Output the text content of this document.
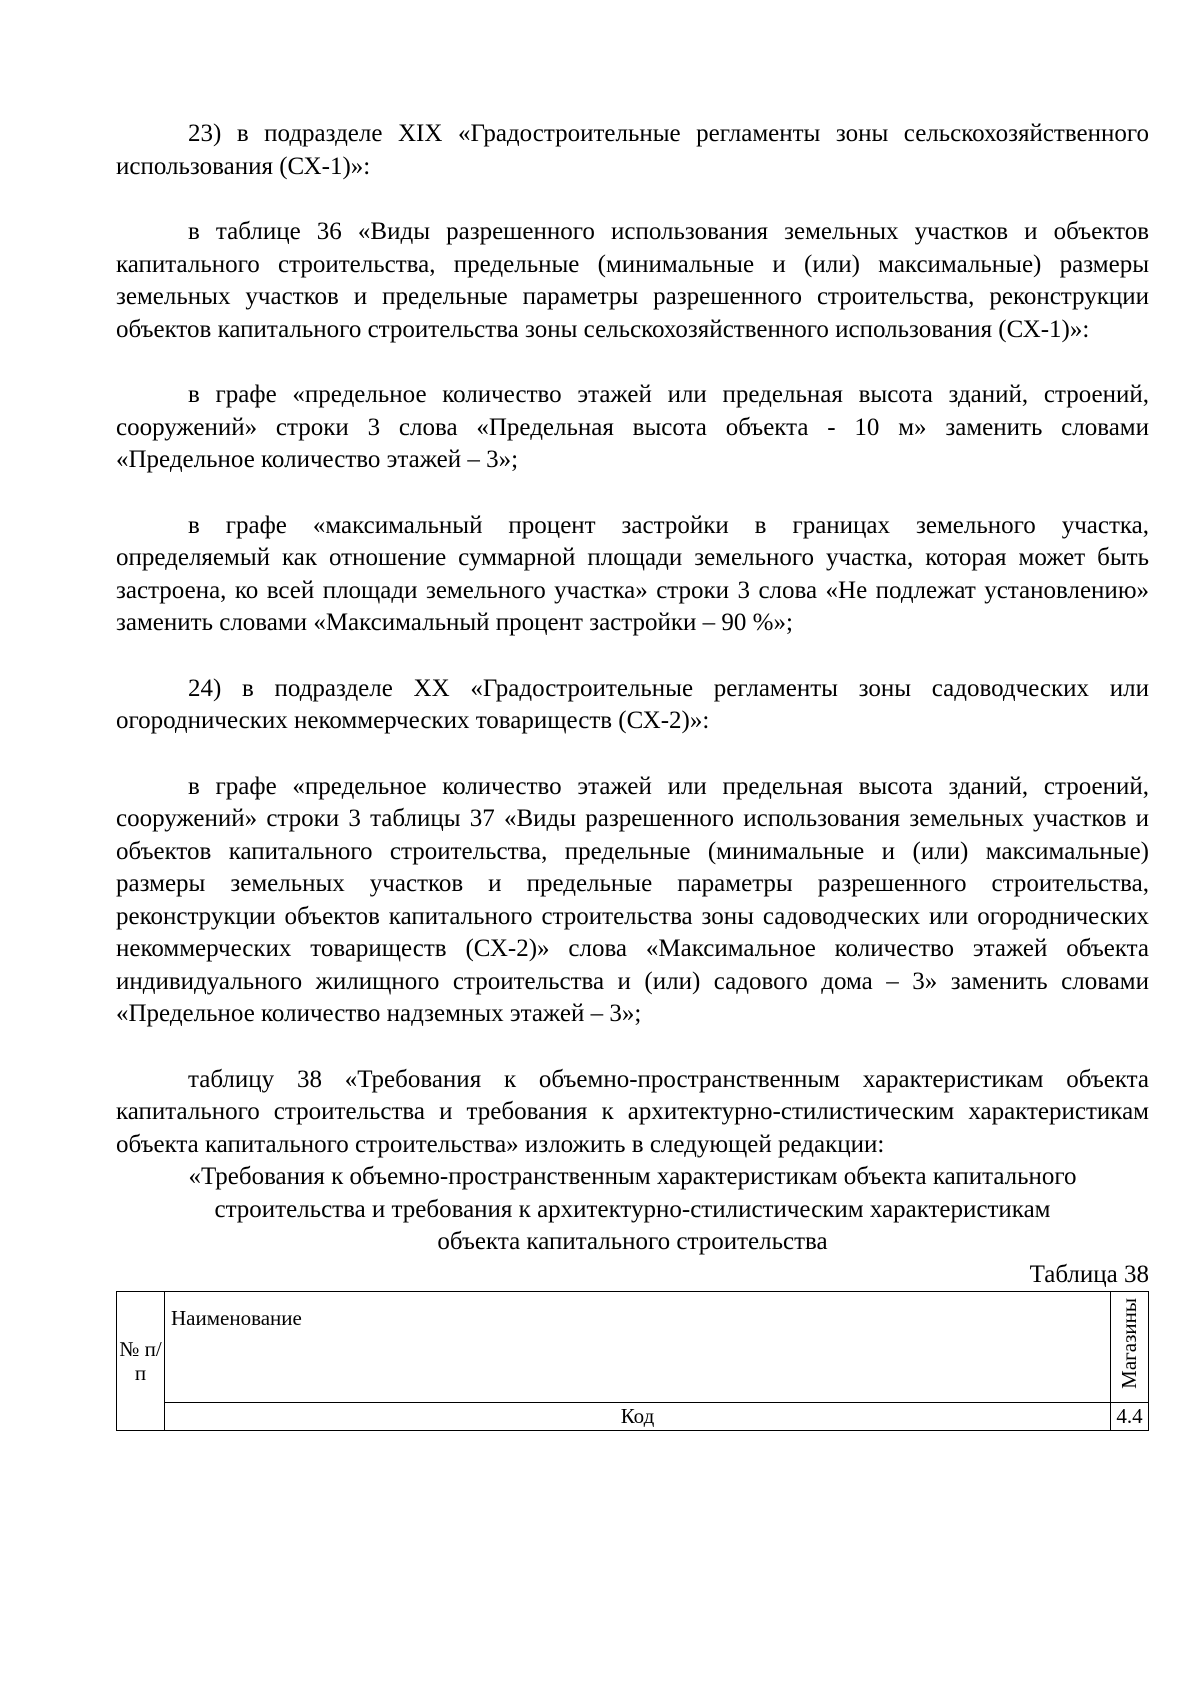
23) в подразделе XIX «Градостроительные регламенты зоны сельскохозяйственного использования (СХ-1)»:

в таблице 36 «Виды разрешенного использования земельных участков и объектов капитального строительства, предельные (минимальные и (или) максимальные) размеры земельных участков и предельные параметры разрешенного строительства, реконструкции объектов капитального строительства зоны сельскохозяйственного использования (СХ-1)»:

в графе «предельное количество этажей или предельная высота зданий, строений, сооружений» строки 3 слова «Предельная высота объекта - 10 м» заменить словами «Предельное количество этажей – 3»;

в графе «максимальный процент застройки в границах земельного участка, определяемый как отношение суммарной площади земельного участка, которая может быть застроена, ко всей площади земельного участка» строки 3 слова «Не подлежат установлению» заменить словами «Максимальный процент застройки – 90 %»;

24) в подразделе XX «Градостроительные регламенты зоны садоводческих или огороднических некоммерческих товариществ (СХ-2)»:

в графе «предельное количество этажей или предельная высота зданий, строений, сооружений» строки 3 таблицы 37 «Виды разрешенного использования земельных участков и объектов капитального строительства, предельные (минимальные и (или) максимальные) размеры земельных участков и предельные параметры разрешенного строительства, реконструкции объектов капитального строительства зоны садоводческих или огороднических некоммерческих товариществ (СХ-2)» слова «Максимальное количество этажей объекта индивидуального жилищного строительства и (или) садового дома – 3» заменить словами «Предельное количество надземных этажей – 3»;

таблицу 38 «Требования к объемно-пространственным характеристикам объекта капитального строительства и требования к архитектурно-стилистическим характеристикам объекта капитального строительства» изложить в следующей редакции:

«Требования к объемно-пространственным характеристикам объекта капитального строительства и требования к архитектурно-стилистическим характеристикам объекта капитального строительства

Таблица 38

№ п/п	Наименование	Магазины
	Код	4.4
